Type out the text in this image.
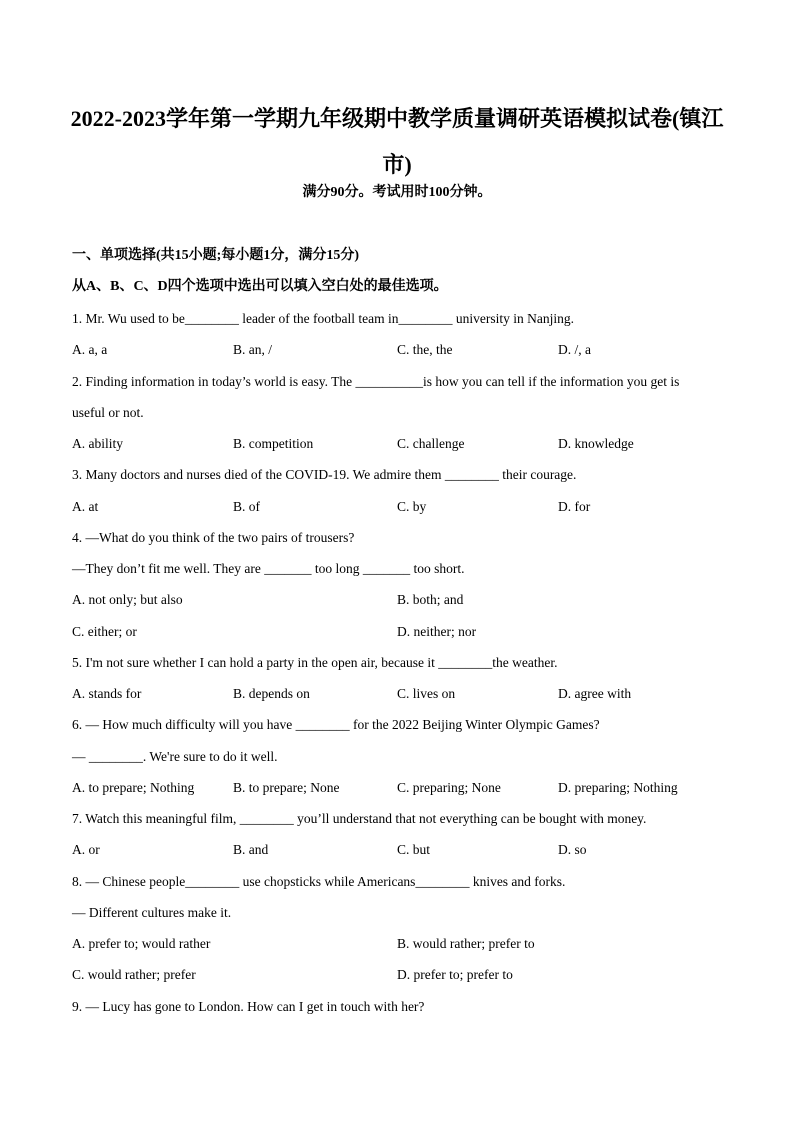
2022-2023学年第一学期九年级期中教学质量调研英语模拟试卷(镇江市)

满分90分。考试用时100分钟。

一、单项选择(共15小题;每小题1分，满分15分)

从A、B、C、D四个选项中选出可以填入空白处的最佳选项。

1. Mr. Wu used to be________ leader of the football team in________ university in Nanjing.
A. a, a	B. an, /	C. the, the	D. /, a
2. Finding information in today’s world is easy. The __________is how you can tell if the information you get is
useful or not.
A. ability	B. competition	C. challenge	D. knowledge
3. Many doctors and nurses died of the COVID-19. We admire them ________ their courage.
A. at	B. of	C. by	D. for
4. —What do you think of the two pairs of trousers?
—They don’t fit me well. They are _______ too long _______ too short.
A. not only; but also	B. both; and
C. either; or	D. neither; nor
5. I'm not sure whether I can hold a party in the open air, because it ________the weather.
A. stands for	B. depends on	C. lives on	D. agree with
6. — How much difficulty will you have ________ for the 2022 Beijing Winter Olympic Games?
— ________. We're sure to do it well.
A. to prepare; Nothing	B. to prepare; None	C. preparing; None	D. preparing; Nothing
7. Watch this meaningful film, ________ you’ll understand that not everything can be bought with money.
A. or	B. and	C. but	D. so
8. — Chinese people________ use chopsticks while Americans________ knives and forks.
— Different cultures make it.
A. prefer to; would rather	B. would rather; prefer to
C. would rather; prefer	D. prefer to; prefer to
9. — Lucy has gone to London. How can I get in touch with her?
